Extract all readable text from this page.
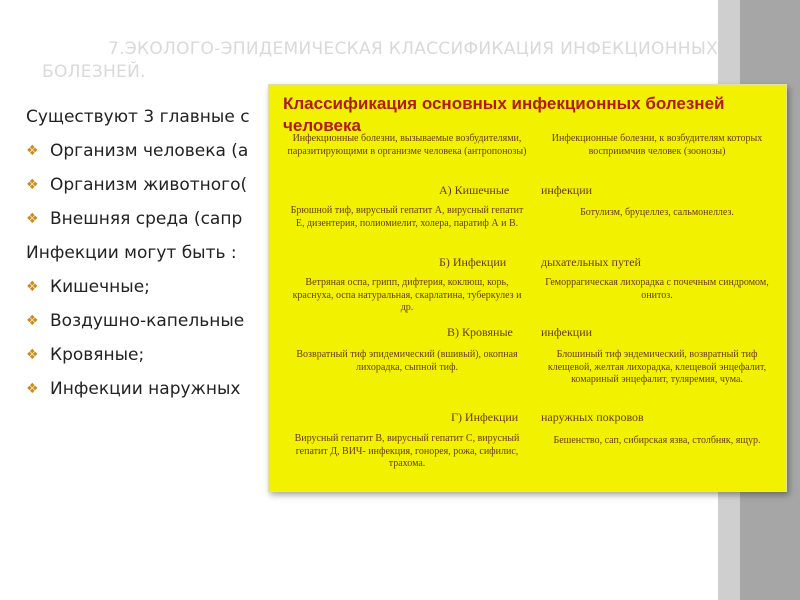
7.ЭКОЛОГО-ЭПИДЕМИЧЕСКАЯ КЛАССИФИКАЦИЯ ИНФЕКЦИОННЫХ БОЛЕЗНЕЙ.
Существуют 3 главные с
❖ Организм человека (а
❖ Организм животного(
❖ Внешняя среда (сапр
Инфекции могут быть :
❖ Кишечные;
❖ Воздушно-капельные
❖ Кровяные;
❖ Инфекции наружных
Классификация основных инфекционных болезней человека
Инфекционные болезни, вызываемые возбудителями, паразитирующими в организме человека (антропонозы)
Инфекционные болезни, к возбудителям которых восприимчив человек (зоонозы)
А) Кишечные	инфекции
Брюшной тиф, вирусный гепатит А, вирусный гепатит Е, дизентерия, полиомиелит, холера, паратиф А и В.
Ботулизм, бруцеллез, сальмонеллез.
Б) Инфекции	дыхательных путей
Ветряная оспа, грипп, дифтерия, коклюш, корь, краснуха, оспа натуральная, скарлатина, туберкулез и др.
Геморрагическая лихорадка с почечным синдромом, онитоз.
В) Кровяные инфекции
Возвратный тиф эпидемический (вшивый), окопная лихорадка, сыпной тиф.
Блошиный тиф эндемический, возвратный тиф клещевой, желтая лихорадка, клещевой энцефалит, комариный энцефалит, туляремия, чума.
Г) Инфекции наружных покровов
Вирусный гепатит В, вирусный гепатит С, вирусный гепатит Д, ВИЧ- инфекция, гонорея, рожа, сифилис, трахома.
Бешенство, сап, сибирская язва, столбняк, ящур.
